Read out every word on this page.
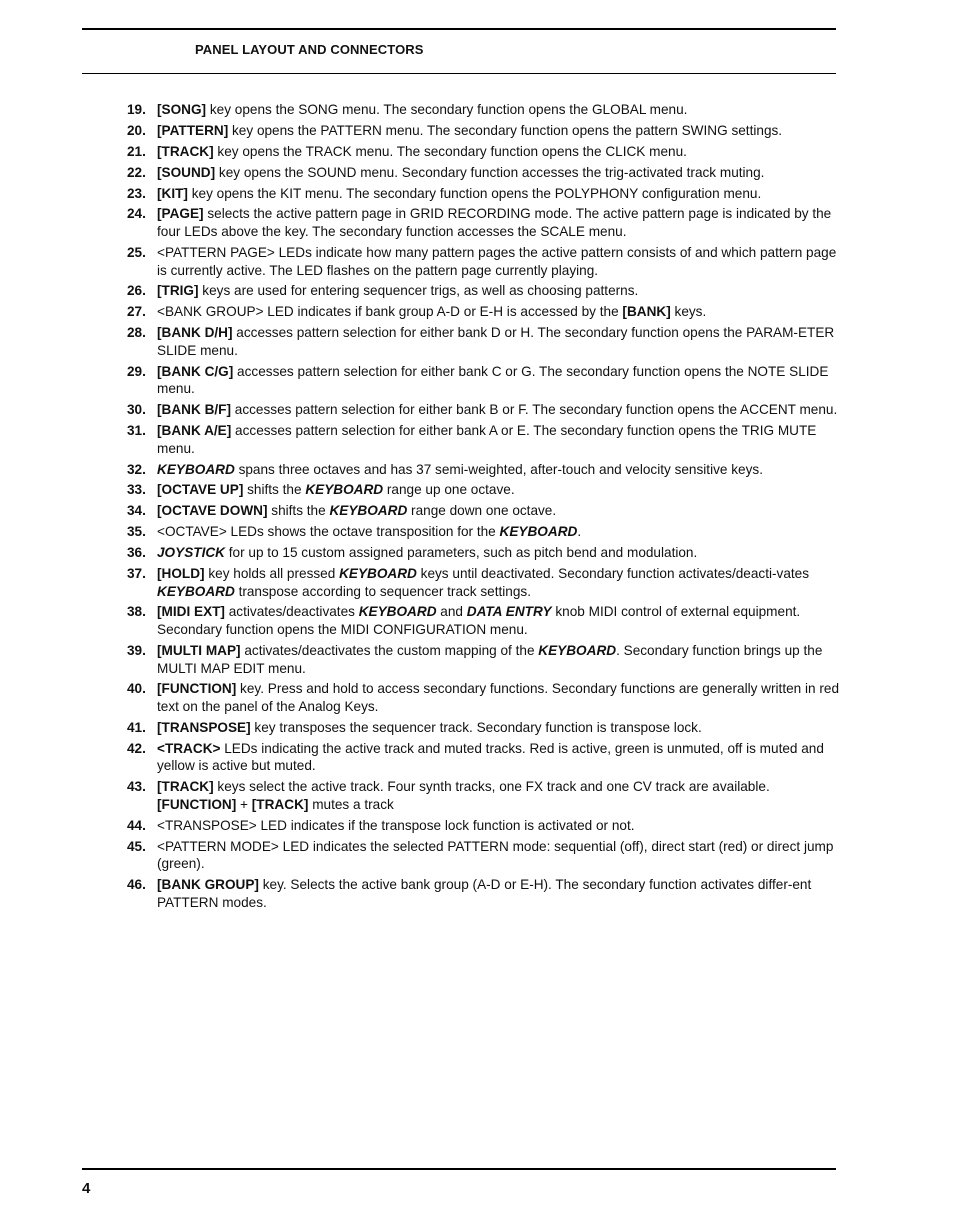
PANEL LAYOUT AND CONNECTORS
19. [SONG] key opens the SONG menu. The secondary function opens the GLOBAL menu.
20. [PATTERN] key opens the PATTERN menu. The secondary function opens the pattern SWING settings.
21. [TRACK] key opens the TRACK menu. The secondary function opens the CLICK menu.
22. [SOUND] key opens the SOUND menu. Secondary function accesses the trig-activated track muting.
23. [KIT] key opens the KIT menu. The secondary function opens the POLYPHONY configuration menu.
24. [PAGE] selects the active pattern page in GRID RECORDING mode. The active pattern page is indicated by the four LEDs above the key. The secondary function accesses the SCALE menu.
25. <PATTERN PAGE> LEDs indicate how many pattern pages the active pattern consists of and which pattern page is currently active. The LED flashes on the pattern page currently playing.
26. [TRIG] keys are used for entering sequencer trigs, as well as choosing patterns.
27. <BANK GROUP> LED indicates if bank group A-D or E-H is accessed by the [BANK] keys.
28. [BANK D/H] accesses pattern selection for either bank D or H. The secondary function opens the PARAM-ETER SLIDE menu.
29. [BANK C/G] accesses pattern selection for either bank C or G. The secondary function opens the NOTE SLIDE menu.
30. [BANK B/F] accesses pattern selection for either bank B or F. The secondary function opens the ACCENT menu.
31. [BANK A/E] accesses pattern selection for either bank A or E. The secondary function opens the TRIG MUTE menu.
32. KEYBOARD spans three octaves and has 37 semi-weighted, after-touch and velocity sensitive keys.
33. [OCTAVE UP] shifts the KEYBOARD range up one octave.
34. [OCTAVE DOWN] shifts the KEYBOARD range down one octave.
35. <OCTAVE> LEDs shows the octave transposition for the KEYBOARD.
36. JOYSTICK for up to 15 custom assigned parameters, such as pitch bend and modulation.
37. [HOLD] key holds all pressed KEYBOARD keys until deactivated. Secondary function activates/deacti-vates KEYBOARD transpose according to sequencer track settings.
38. [MIDI EXT] activates/deactivates KEYBOARD and DATA ENTRY knob MIDI control of external equipment. Secondary function opens the MIDI CONFIGURATION menu.
39. [MULTI MAP] activates/deactivates the custom mapping of the KEYBOARD. Secondary function brings up the MULTI MAP EDIT menu.
40. [FUNCTION] key. Press and hold to access secondary functions. Secondary functions are generally written in red text on the panel of the Analog Keys.
41. [TRANSPOSE] key transposes the sequencer track. Secondary function is transpose lock.
42. <TRACK> LEDs indicating the active track and muted tracks. Red is active, green is unmuted, off is muted and yellow is active but muted.
43. [TRACK] keys select the active track. Four synth tracks, one FX track and one CV track are available. [FUNCTION] + [TRACK] mutes a track
44. <TRANSPOSE> LED indicates if the transpose lock function is activated or not.
45. <PATTERN MODE> LED indicates the selected PATTERN mode: sequential (off), direct start (red) or direct jump (green).
46. [BANK GROUP] key. Selects the active bank group (A-D or E-H). The secondary function activates differ-ent PATTERN modes.
4
